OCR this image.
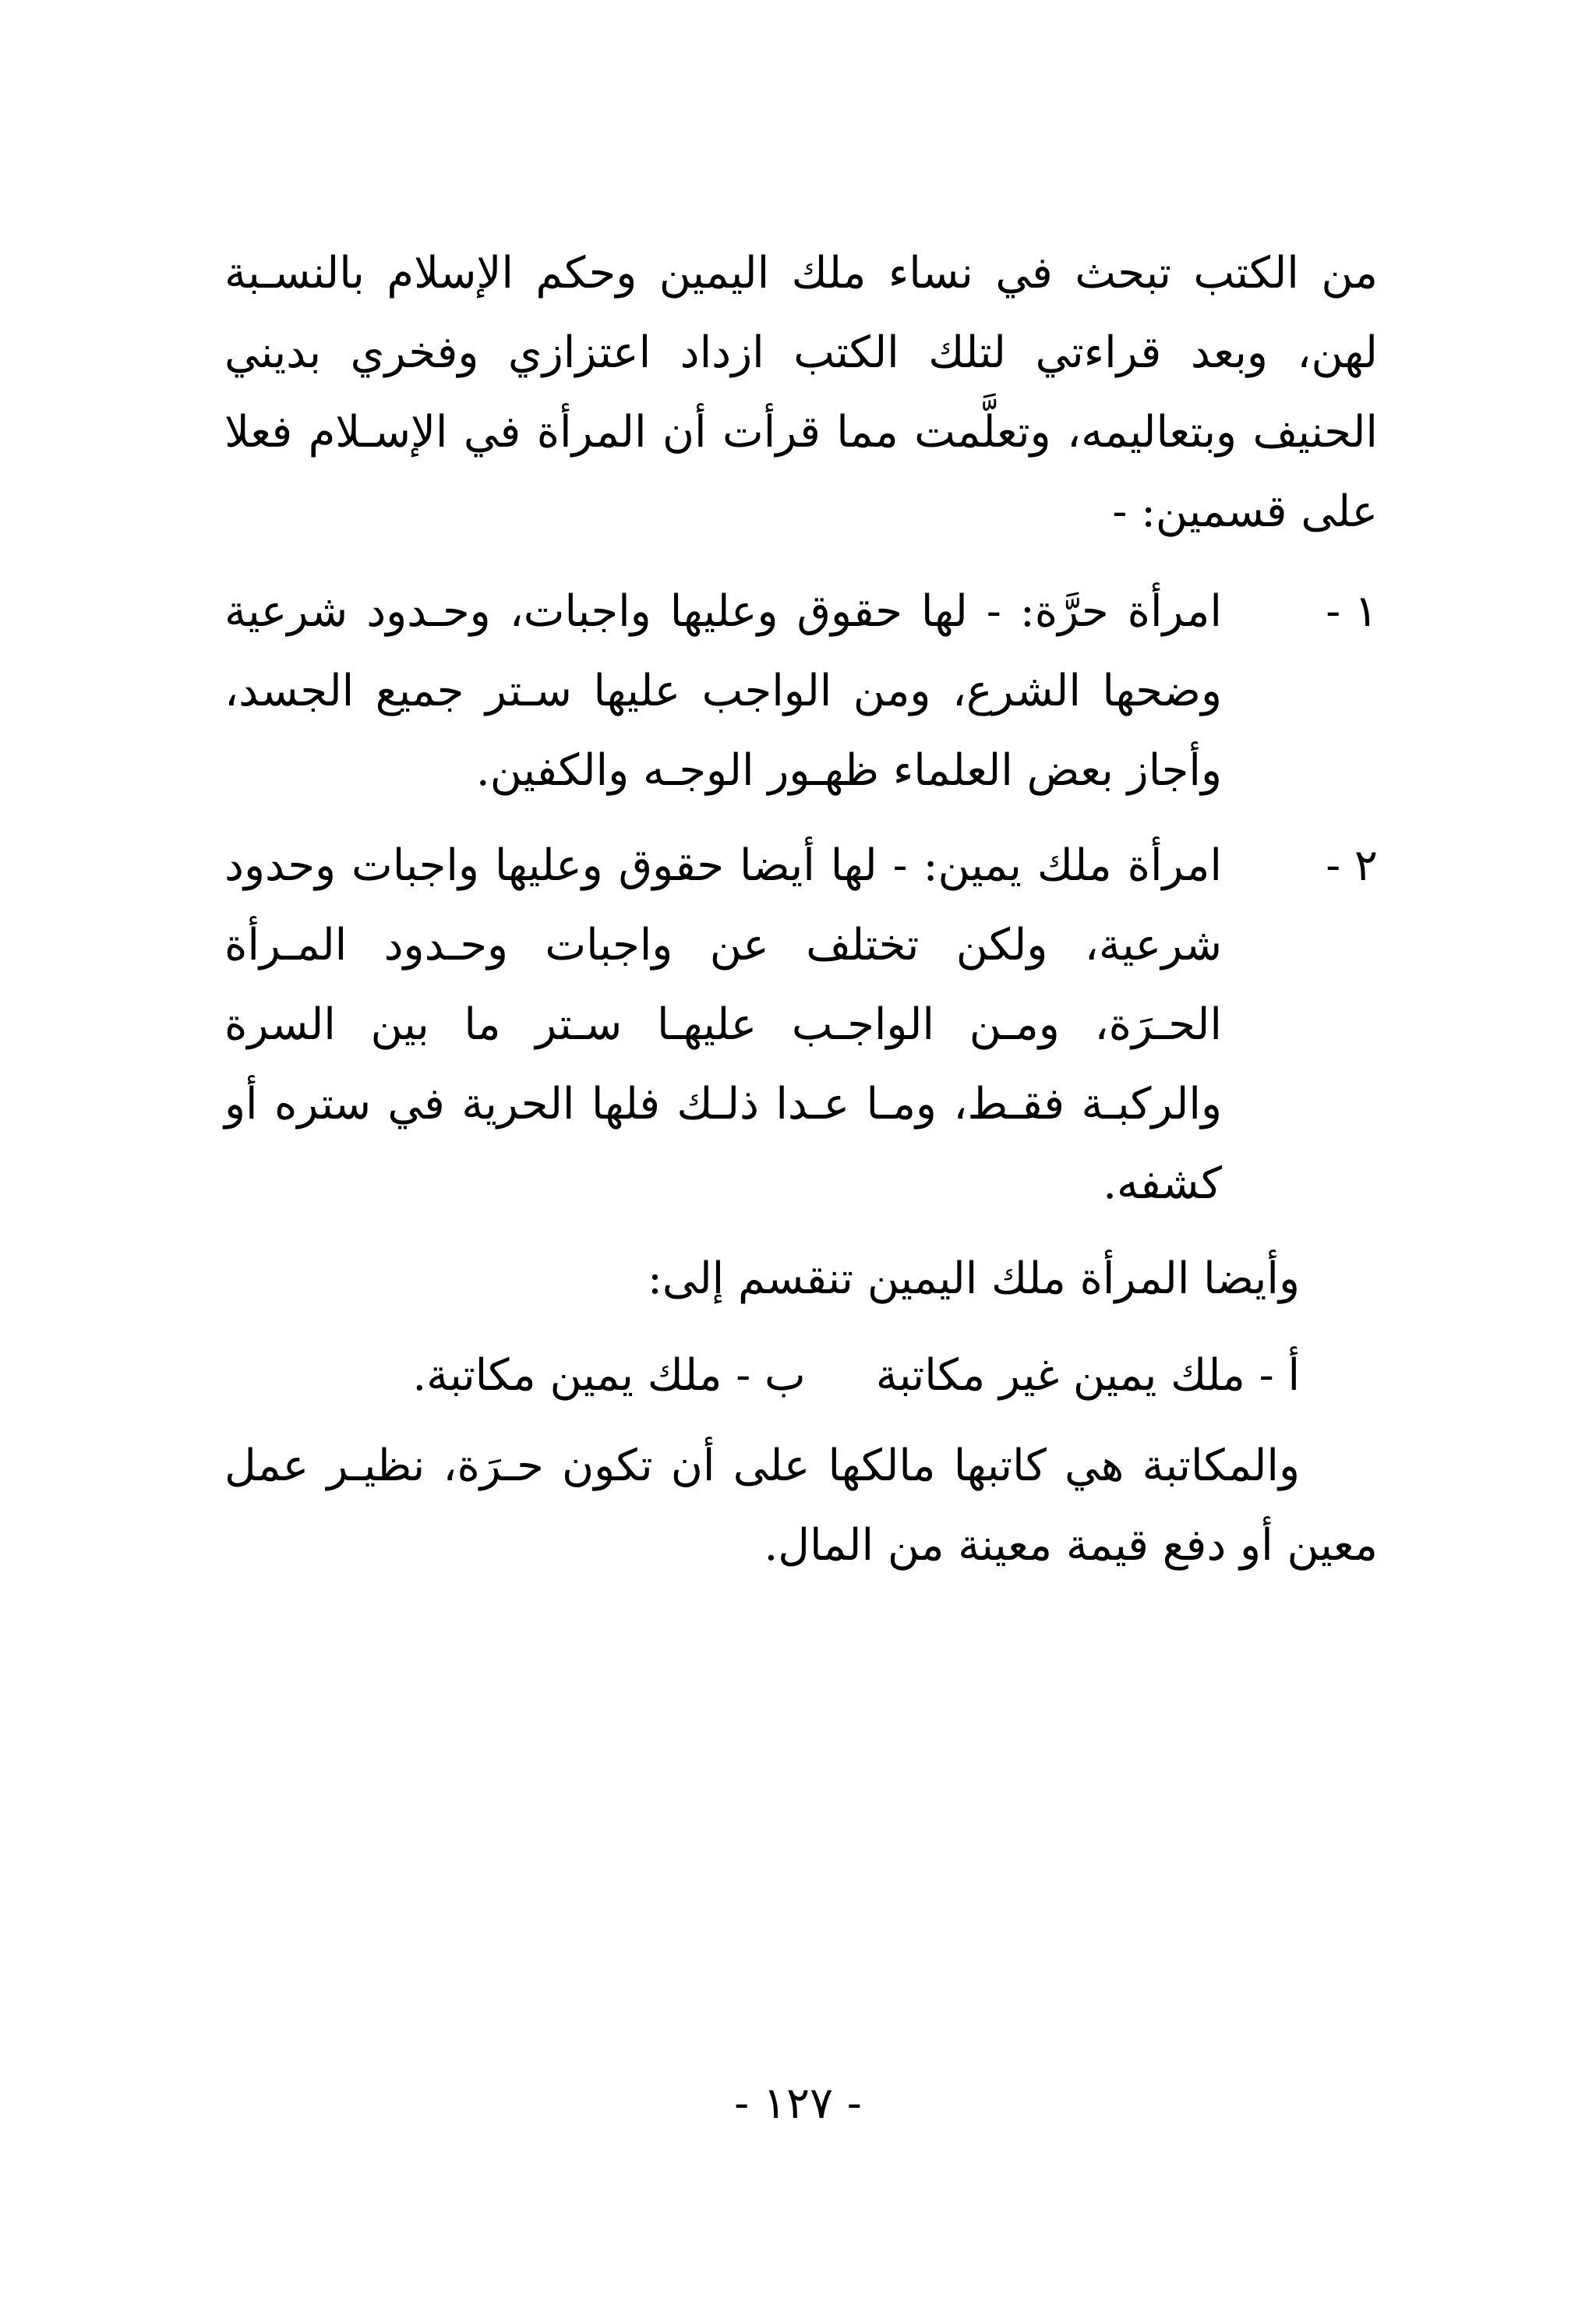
من الكتب تبحث في نساء ملك اليمين وحكم الإسلام بالنسـبة لهن، وبعد قراءتي لتلك الكتب ازداد اعتزازي وفخري بديني الحنيف وبتعاليمه، وتعلَّمت مما قرأت أن المرأة في الإسـلام فعلا على قسمين: -

١ -
امرأة حرَّة: - لها حقوق وعليها واجبات، وحـدود شرعية وضحها الشرع، ومن الواجب عليها سـتر جميع الجسد، وأجاز بعض العلماء ظهـور الوجـه والكفين.
٢ -
امرأة ملك يمين: - لها أيضا حقوق وعليها واجبات وحدود شرعية، ولكن تختلف عن واجبات وحـدود المـرأة الحـرَة، ومـن الواجـب عليهـا سـتر ما بين السرة والركبـة فقـط، ومـا عـدا ذلـك فلها الحرية في ستره أو كشفه.

وأيضا المرأة ملك اليمين تنقسم إلى:

أ - ملك يمين غير مكاتبة
ب - ملك يمين مكاتبة.

والمكاتبة هي كاتبها مالكها على أن تكون حـرَة، نظيـر عمل معين أو دفع قيمة معينة من المال.

- ١٢٧ -
